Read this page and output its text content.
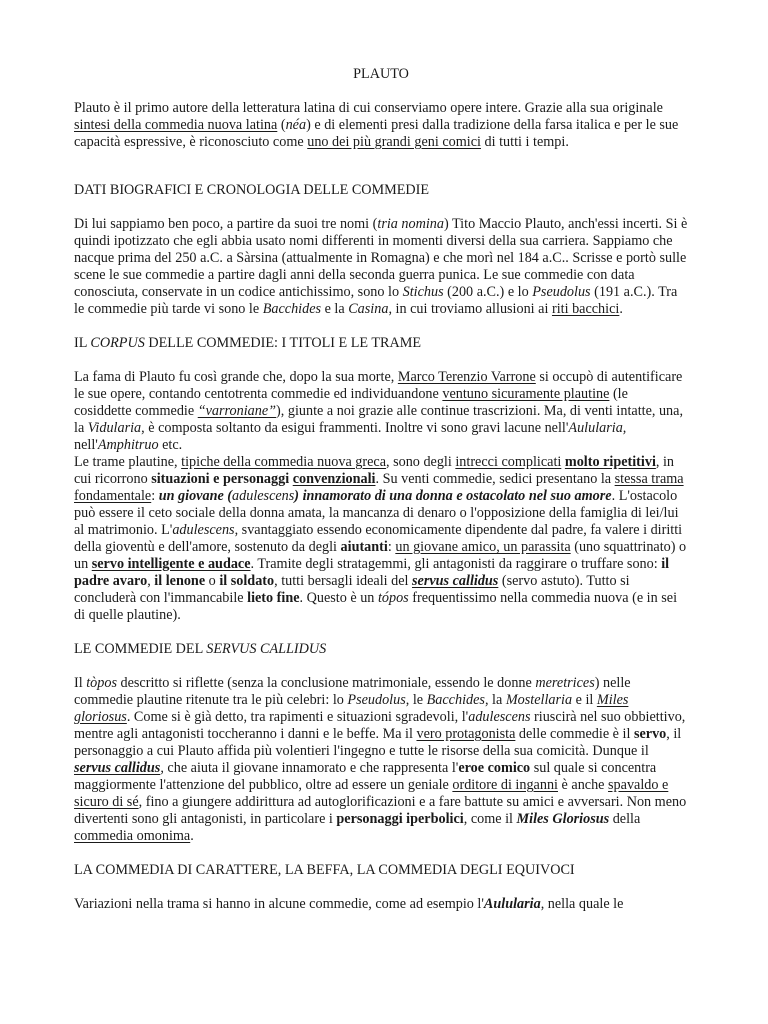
PLAUTO

Plauto è il primo autore della letteratura latina di cui conserviamo opere intere. Grazie alla sua originale sintesi della commedia nuova latina (néa) e di elementi presi dalla tradizione della farsa italica e per le sue capacità espressive, è riconosciuto come uno dei più grandi geni comici di tutti i tempi.

DATI BIOGRAFICI E CRONOLOGIA DELLE COMMEDIE

Di lui sappiamo ben poco, a partire da suoi tre nomi (tria nomina) Tito Maccio Plauto, anch'essi incerti. Si è quindi ipotizzato che egli abbia usato nomi differenti in momenti diversi della sua carriera. Sappiamo che nacque prima del 250 a.C. a Sàrsina (attualmente in Romagna) e che morì nel 184 a.C.. Scrisse e portò sulle scene le sue commedie a partire dagli anni della seconda guerra punica. Le sue commedie con data conosciuta, conservate in un codice antichissimo, sono lo Stichus (200 a.C.) e lo Pseudolus (191 a.C.). Tra le commedie più tarde vi sono le Bacchides e la Casina, in cui troviamo allusioni ai riti bacchici.

IL CORPUS DELLE COMMEDIE: I TITOLI E LE TRAME

La fama di Plauto fu così grande che, dopo la sua morte, Marco Terenzio Varrone si occupò di autentificare le sue opere, contando centotrenta commedie ed individuandone ventuno sicuramente plautine (le cosiddette commedie “varroniane”), giunte a noi grazie alle continue trascrizioni. Ma, di venti intatte, una, la Vidularia, è composta soltanto da esigui frammenti. Inoltre vi sono gravi lacune nell'Aulularia, nell'Amphitruo etc.

Le trame plautine, tipiche della commedia nuova greca, sono degli intrecci complicati molto ripetitivi, in cui ricorrono situazioni e personaggi convenzionali. Su venti commedie, sedici presentano la stessa trama fondamentale: un giovane (adulescens) innamorato di una donna e ostacolato nel suo amore. L'ostacolo può essere il ceto sociale della donna amata, la mancanza di denaro o l'opposizione della famiglia di lei/lui al matrimonio. L'adulescens, svantaggiato essendo economicamente dipendente dal padre, fa valere i diritti della gioventù e dell'amore, sostenuto da degli aiutanti: un giovane amico, un parassita (uno squattrinato) o un servo intelligente e audace. Tramite degli stratagemmi, gli antagonisti da raggirare o truffare sono: il padre avaro, il lenone o il soldato, tutti bersagli ideali del servus callidus (servo astuto). Tutto si concluderà con l'immancabile lieto fine. Questo è un tópos frequentissimo nella commedia nuova (e in sei di quelle plautine).

LE COMMEDIE DEL SERVUS CALLIDUS

Il tòpos descritto si riflette (senza la conclusione matrimoniale, essendo le donne meretrices) nelle commedie plautine ritenute tra le più celebri: lo Pseudolus, le Bacchides, la Mostellaria e il Miles gloriosus. Come si è già detto, tra rapimenti e situazioni sgradevoli, l'adulescens riuscirà nel suo obbiettivo, mentre agli antagonisti toccheranno i danni e le beffe. Ma il vero protagonista delle commedie è il servo, il personaggio a cui Plauto affida più volentieri l'ingegno e tutte le risorse della sua comicità. Dunque il servus callidus, che aiuta il giovane innamorato e che rappresenta l'eroe comico sul quale si concentra maggiormente l'attenzione del pubblico, oltre ad essere un geniale orditore di inganni è anche spavaldo e sicuro di sé, fino a giungere addirittura ad autoglorificazioni e a fare battute su amici e avversari. Non meno divertenti sono gli antagonisti, in particolare i personaggi iperbolici, come il Miles Gloriosus della commedia omonima.

LA COMMEDIA DI CARATTERE, LA BEFFA, LA COMMEDIA DEGLI EQUIVOCI

Variazioni nella trama si hanno in alcune commedie, come ad esempio l'Aulularia, nella quale le
